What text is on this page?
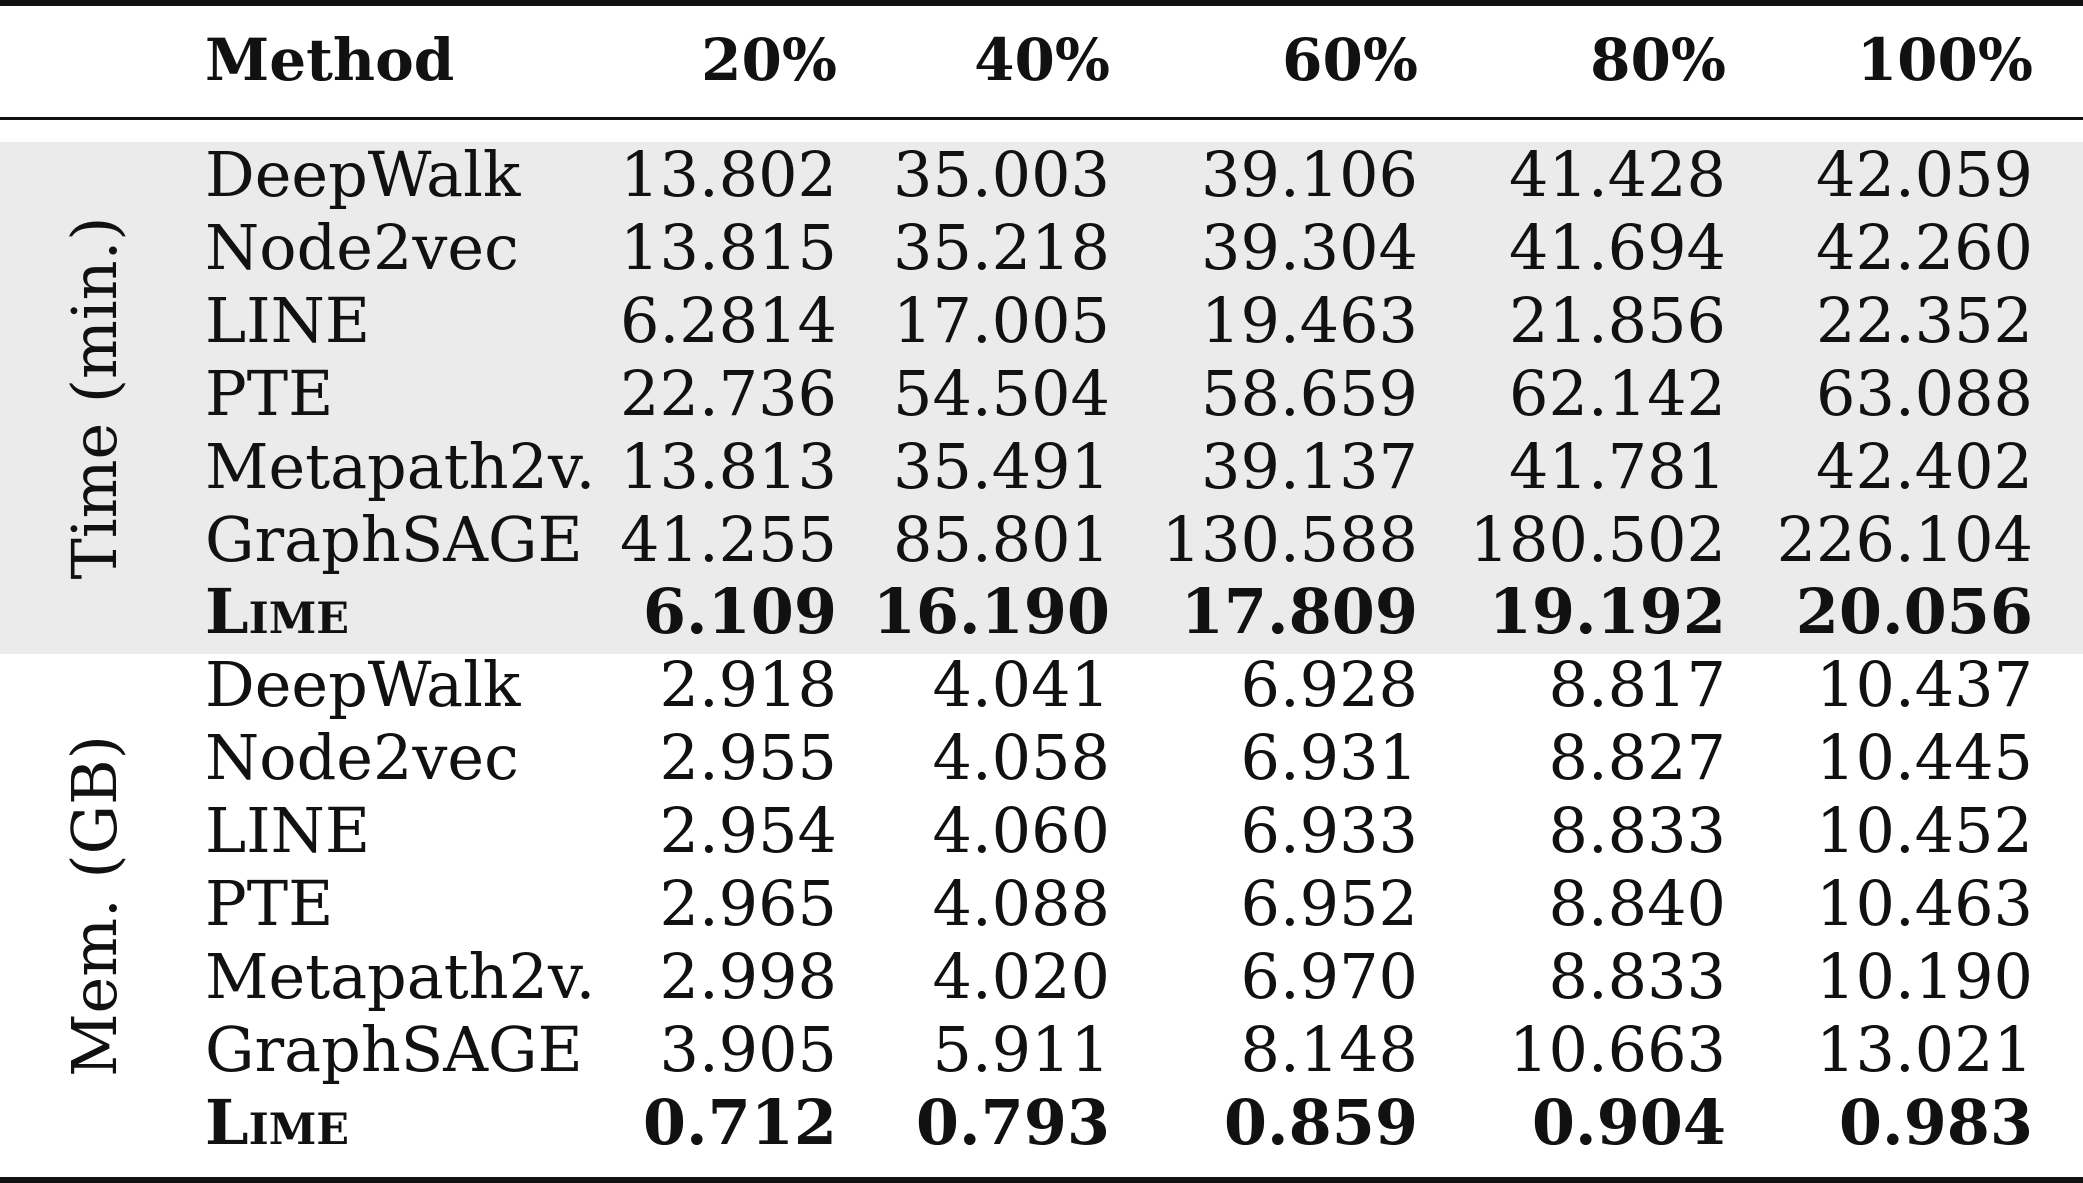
Method	20% 40%	60%	80% 100%
Time (min.)
Mem. (GB)
DeepWalk 13.802 35.003 39.106 41.428 42.059
Node2vec 13.815 35.218 39.304 41.694 42.260
LINE	6.2814 17.005 19.463 21.856 22.352
PTE	22.736 54.504 58.659 62.142 63.088
Metapath2v. 13.813 35.491 39.137 41.781 42.402
GraphSAGE 41.255 85.801 130.588 180.502 226.104
Lime	6.109 16.190 17.809 19.192 20.056
DeepWalk 2.918 4.041 6.928 8.817 10.437
Node2vec 2.955 4.058 6.931 8.827 10.445
LINE	2.954 4.060 6.933 8.833 10.452
PTE	2.965 4.088 6.952 8.840 10.463
Metapath2v. 2.998 4.020 6.970 8.833 10.190
GraphSAGE 3.905 5.911 8.148 10.663 13.021
Lime	0.712 0.793 0.859 0.904 0.983
